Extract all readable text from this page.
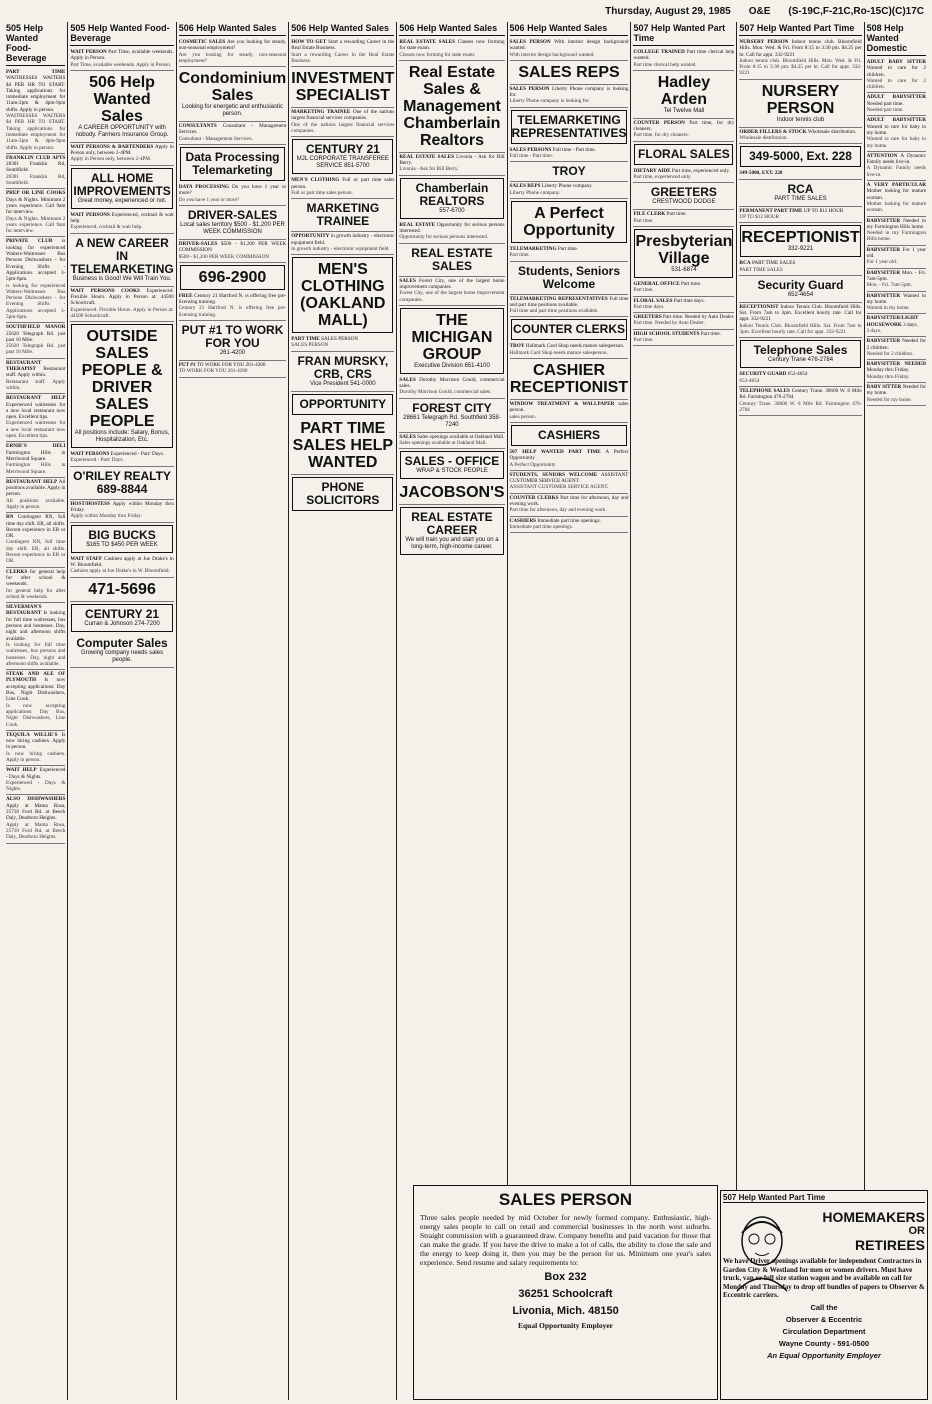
Thursday, August 29, 1985 O&E (S-19C,F-21C,Ro-15C)(C)17C
505 Help Wanted Food-Beverage
PART TIME WAITRESSES WAITERS $4 PER HR TO START. Taking applications for immediate employment for 11am-2pm & 4pm-9pm shifts. Apply in person.
WAITRESSES WAITERS $4 PER HR TO START. Taking applications for immediate employment for 11am-2pm & 4pm-9pm shifts. Apply in person.
FRANKLIN CLUB APTS 28301 Franklin Rd, Southfield.
28301 Franklin Rd, Southfield.
PREP OR LINE COOKS Days & Nights. Minimum 2 years experience. Call 9am for interview.
Days & Nights. Minimum 2 years experience. Call 9am for interview.
PRIVATE CLUB is looking for experienced Waiters-Waitresses Bus Persons Dishwashers - for Evening Shifts - Applications accepted 3-5pm-6pm.
is looking for experienced Waiters-Waitresses Bus Persons Dishwashers - for Evening Shifts - Applications accepted 3-5pm-6pm.
SOUTHFIELD MANOR 25620 Telegraph Rd. just past 10 Mile.
25620 Telegraph Rd. just past 10 Mile.
RESTAURANT THERAPIST Restaurant staff. Apply within.
Restaurant staff. Apply within.
RESTAURANT HELP Experienced waitresses for a new local restaurant now open. Excellent tips.
Experienced waitresses for a new local restaurant now open. Excellent tips.
ERNIE'S DELI Farmington Hills in Merriwood Square.
Farmington Hills in Merriwood Square.
RESTAURANT HELP All positions available. Apply in person.
All positions available. Apply in person.
RN Contingent RN, full time day shift. ER, all shifts. Recent experience in ER or OR.
Contingent RN, full time day shift. ER, all shifts. Recent experience in ER or OR.
CLERKS for general help for after school & weekends.
for general help for after school & weekends.
SILVERMAN'S RESTAURANT Is looking for full time waitresses, bus persons and hostesses. Day, night and afternoon shifts available.
Is looking for full time waitresses, bus persons and hostesses. Day, night and afternoon shifts available.
STEAK AND ALE OF PLYMOUTH Is now accepting applications: Day Bus, Night Dishwashers, Line Cook.
Is now accepting applications: Day Bus, Night Dishwashers, Line Cook.
TEQUILA WILLIE'S Is now hiring cashiers. Apply in person.
Is now hiring cashiers. Apply in person.
WAIT HELP Experienced - Days & Nights.
Experienced - Days & Nights.
ALSO DISHWASHERS Apply at Mama Rosa, 25710 Ford Rd. at Beech Daly, Dearborn Heights.
Apply at Mama Rosa, 25710 Ford Rd. at Beech Daly, Dearborn Heights.
505 Help Wanted Food-Beverage
WAIT PERSON Part Time, available weekends. Apply in Person.
Part Time, available weekends. Apply in Person.
506 Help Wanted Sales
A CAREER OPPORTUNITY with nobody. Farmers Insurance Group.
WAIT PERSONS & BARTENDERS Apply in Person only, between 2-4PM.
Apply in Person only, between 2-4PM.
ALL HOME IMPROVEMENTS
Great money, experienced or not.
WAIT PERSONS Experienced, cocktail & wait help.
Experienced, cocktail & wait help.
A NEW CAREER IN TELEMARKETING
Business is Good! We Will Train You.
WAIT PERSONS COOKS Experienced. Flexible Hours. Apply in Person at: 44500 Schoolcraft.
Experienced. Flexible Hours. Apply in Person at: 44500 Schoolcraft.
OUTSIDE SALES PEOPLE & DRIVER SALES PEOPLE
All positions include: Salary, Bonus, Hospitalization, Etc.
WAIT PERSONS Experienced - Part/ Days.
Experienced - Part/ Days.
O'RILEY REALTY 689-8844
HOST/HOSTESS Apply within Monday thru Friday.
Apply within Monday thru Friday.
BIG BUCKS
$165 TO $450 PER WEEK
WAIT STAFF Cashiers apply at Joe Drake's in W. Bloomfield.
Cashiers apply at Joe Drake's in W. Bloomfield.
471-5696
CENTURY 21
Curran & Johnson 274-7200
Computer Sales
Growing company needs sales people.
506 Help Wanted Sales
COSMETIC SALES Are you looking for steady, non-seasonal employment?
Are you looking for steady, non-seasonal employment?
Condominium Sales
Looking for energetic and enthusiastic person.
CONSULTANTS Consultant - Management Services.
Consultant - Management Services.
Data Processing Telemarketing
DATA PROCESSING Do you have 1 year or more?
Do you have 1 year or more?
DRIVER-SALES
Local sales territory $500 - $1,200 PER WEEK COMMISSION
DRIVER-SALES $500 - $1,200 PER WEEK COMMISSION
$500 - $1,200 PER WEEK COMMISSION
696-2900
FREE Century 21 Hartford N. is offering free pre-licensing training.
Century 21 Hartford N. is offering free pre-licensing training.
PUT #1 TO WORK FOR YOU
261-4200
PUT #1 TO WORK FOR YOU 261-4200
TO WORK FOR YOU 261-4200
506 Help Wanted Sales
HOW TO GET Start a rewarding Career in the Real Estate Business.
Start a rewarding Career in the Real Estate Business.
INVESTMENT SPECIALIST
MARKETING TRAINEE One of the nations largest financial services companies.
One of the nations largest financial services companies.
CENTURY 21
MJL CORPORATE TRANSFEREE SERVICE 851-5700
MEN'S CLOTHING Full or part time sales person.
Full or part time sales person.
MARKETING TRAINEE
OPPORTUNITY in growth industry - electronic equipment field.
in growth industry - electronic equipment field.
MEN'S CLOTHING (OAKLAND MALL)
PART TIME SALES PERSON
SALES PERSON
FRAN MURSKY, CRB, CRS
Vice President 541-0000
OPPORTUNITY
PART TIME SALES HELP WANTED
PHONE SOLICITORS
506 Help Wanted Sales
REAL ESTATE SALES Classes now forming for state exam.
Classes now forming for state exam.
Real Estate Sales & Management Chamberlain Realtors
REAL ESTATE SALES Livonia - Ask for Bill Berry.
Livonia - Ask for Bill Berry.
Chamberlain REALTORS
557-6700
REAL ESTATE Opportunity for serious persons interested.
Opportunity for serious persons interested.
REAL ESTATE SALES
SALES Forest City, one of the largest home improvement companies.
Forest City, one of the largest home improvement companies.
THE MICHIGAN GROUP
Executive Division 651-4100
SALES Dorothy Morrison Gould, commercial sales.
Dorothy Morrison Gould, commercial sales.
FOREST CITY
28661 Telegraph Rd. Southfield 358-7240
SALES Sales openings available at Oakland Mall.
Sales openings available at Oakland Mall.
SALES - OFFICE
WRAP & STOCK PEOPLE
JACOBSON'S
REAL ESTATE CAREER
We will train you and start you on a long-term, high-income career.
506 Help Wanted Sales
SALES PERSON With interior design background wanted.
With interior design background wanted.
SALES REPS
SALES PERSON Liberty Phone company is looking for.
Liberty Phone company is looking for.
TELEMARKETING REPRESENTATIVES
SALES PERSONS Full time - Part time.
Full time - Part time.
TROY
SALES REPS Liberty Phone company.
Liberty Phone company.
A Perfect Opportunity
TELEMARKETING Part time.
Part time.
Students, Seniors Welcome
TELEMARKETING REPRESENTATIVES Full time and part time positions available.
Full time and part time positions available.
COUNTER CLERKS
TROY Hallmark Card Shop needs mature salesperson.
Hallmark Card Shop needs mature salesperson.
CASHIER RECEPTIONIST
WINDOW TREATMENT & WALLPAPER sales person.
sales person.
CASHIERS
507 HELP WANTED PART TIME A Perfect Opportunity
A Perfect Opportunity
STUDENTS, SENIORS WELCOME ASSISTANT CUSTOMER SERVICE AGENT.
ASSISTANT CUSTOMER SERVICE AGENT.
COUNTER CLERKS Part time for afternoon, day and evening work.
Part time for afternoon, day and evening work.
CASHIERS Immediate part time openings.
Immediate part time openings.
507 Help Wanted Part Time
COLLEGE TRAINED Part time clerical help wanted.
Part time clerical help wanted.
Hadley Arden
Tel Twelve Mall
COUNTER PERSON Part time, for dry cleaners.
Part time, for dry cleaners.
FLORAL SALES
DIETARY AIDE Part time, experienced only.
Part time, experienced only.
GREETERS
CRESTWOOD DODGE
FILE CLERK Part time.
Part time.
Presbyterian Village
531-6874
GENERAL OFFICE Part time.
Part time.
FLORAL SALES Part time days.
Part time days.
GREETERS Part time. Needed by Auto Dealer.
Part time. Needed by Auto Dealer.
HIGH SCHOOL STUDENTS Part time.
Part time.
507 Help Wanted Part Time
NURSERY PERSON Indoor tennis club. Bloomfield Hills. Mon. Wed. & Fri. From 8:15 to 3:30 pm. $4.25 per hr. Call for appt. 332-9221
Indoor tennis club. Bloomfield Hills. Mon. Wed. & Fri. From 8:15 to 3:30 pm. $4.25 per hr. Call for appt. 332-9221
NURSERY PERSON
Indoor tennis club
ORDER FILLERS & STOCK Wholesale distribution.
Wholesale distribution.
349-5000, Ext. 228
349-5000, EXT. 228
RCA
PART TIME SALES
PERMANENT PART TIME UP TO $12 HOUR
UP TO $12 HOUR
RECEPTIONIST
332-9221
RCA PART TIME SALES
PART TIME SALES
Security Guard
652-4654
RECEPTIONIST Indoor Tennis Club. Bloomfield Hills. Sat. From 7am to 3pm. Excellent hourly rate. Call for appt. 332-9221
Indoor Tennis Club. Bloomfield Hills. Sat. From 7am to 3pm. Excellent hourly rate. Call for appt. 332-9221
Telephone Sales
Century Trane 476-2784
SECURITY GUARD 652-4654
652-4654
TELEPHONE SALES Century Trane. 30600 W. 8 Mile Rd. Farmington 476-2784
Century Trane. 30600 W. 8 Mile Rd. Farmington 476-2784
508 Help Wanted Domestic
ADULT BABY SITTER Wanted to care for 2 children.
Wanted to care for 2 children.
ADULT BABYSITTER Needed part time.
Needed part time.
ADULT BABYSITTER Wanted to care for baby in my home.
Wanted to care for baby in my home.
ATTENTION A Dynamic Family needs live-in.
A Dynamic Family needs live-in.
A VERY PARTICULAR Mother looking for mature woman.
Mother looking for mature woman.
BABYSITTER Needed in my Farmington Hills home.
Needed in my Farmington Hills home.
BABYSITTER For 1 year old.
For 1 year old.
BABYSITTER Mon. - Fri. 7am-5pm.
Mon. - Fri. 7am-5pm.
BABYSITTER Wanted in my home.
Wanted in my home.
BABYSITTER/LIGHT HOUSEWORK 3 days.
3 days.
BABYSITTER Needed for 2 children.
Needed for 2 children.
BABYSITTER NEEDED Monday thru Friday.
Monday thru Friday.
BABY SITTER Needed for my home.
Needed for my home.
SALES PERSON
Three sales people needed by mid October for newly formed company. Enthusiastic, high-energy sales people to call on retail and commercial businesses in the north west suburbs. Straight commission with a guaranteed draw. Company benefits and paid vacation for those that can make the grade. If you have the drive to make a lot of calls, the ability to close the sale and the energy to keep doing it, then you may be the person for us. Minimum one year's sales experience. Send resume and salary requirements to:
Box 232
36251 Schoolcraft
Livonia, Mich. 48150
Equal Opportunity Employer
507 Help Wanted Part Time
HOMEMAKERS
OR
RETIREES
We have Driver openings available for independent Contractors in Garden City & Westland for men or women drivers. Must have truck, van or full size station wagon and be available on call for Monday and Thursday to drop off bundles of papers to Observer & Eccentric carriers.
Call the
Observer & Eccentric
Circulation Department
Wayne County - 591-0500
An Equal Opportunity Employer
